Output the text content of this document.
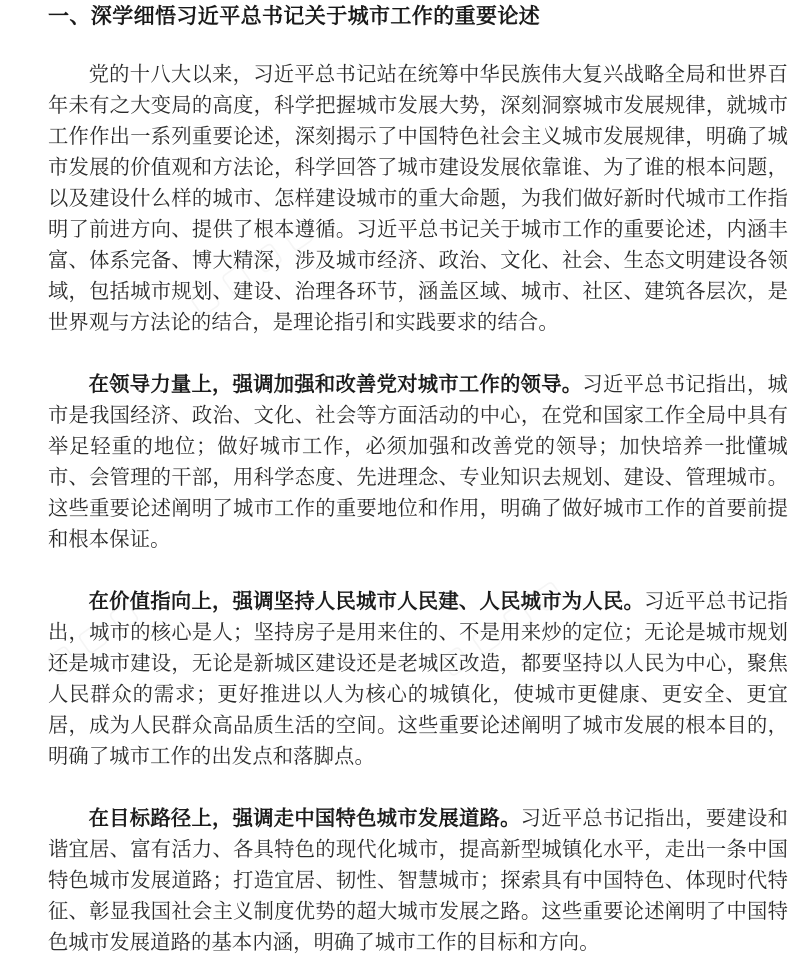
一、深学细悟习近平总书记关于城市工作的重要论述

党的十八大以来，习近平总书记站在统筹中华民族伟大复兴战略全局和世界百年未有之大变局的高度，科学把握城市发展大势，深刻洞察城市发展规律，就城市工作作出一系列重要论述，深刻揭示了中国特色社会主义城市发展规律，明确了城市发展的价值观和方法论，科学回答了城市建设发展依靠谁、为了谁的根本问题，以及建设什么样的城市、怎样建设城市的重大命题，为我们做好新时代城市工作指明了前进方向、提供了根本遵循。习近平总书记关于城市工作的重要论述，内涵丰富、体系完备、博大精深，涉及城市经济、政治、文化、社会、生态文明建设各领域，包括城市规划、建设、治理各环节，涵盖区域、城市、社区、建筑各层次，是世界观与方法论的结合，是理论指引和实践要求的结合。

在领导力量上，强调加强和改善党对城市工作的领导。习近平总书记指出，城市是我国经济、政治、文化、社会等方面活动的中心，在党和国家工作全局中具有举足轻重的地位；做好城市工作，必须加强和改善党的领导；加快培养一批懂城市、会管理的干部，用科学态度、先进理念、专业知识去规划、建设、管理城市。这些重要论述阐明了城市工作的重要地位和作用，明确了做好城市工作的首要前提和根本保证。

在价值指向上，强调坚持人民城市人民建、人民城市为人民。习近平总书记指出，城市的核心是人；坚持房子是用来住的、不是用来炒的定位；无论是城市规划还是城市建设，无论是新城区建设还是老城区改造，都要坚持以人民为中心，聚焦人民群众的需求；更好推进以人为核心的城镇化，使城市更健康、更安全、更宜居，成为人民群众高品质生活的空间。这些重要论述阐明了城市发展的根本目的，明确了城市工作的出发点和落脚点。

在目标路径上，强调走中国特色城市发展道路。习近平总书记指出，要建设和谐宜居、富有活力、各具特色的现代化城市，提高新型城镇化水平，走出一条中国特色城市发展道路；打造宜居、韧性、智慧城市；探索具有中国特色、体现时代特征、彰显我国社会主义制度优势的超大城市发展之路。这些重要论述阐明了中国特色城市发展道路的基本内涵，明确了城市工作的目标和方向。
